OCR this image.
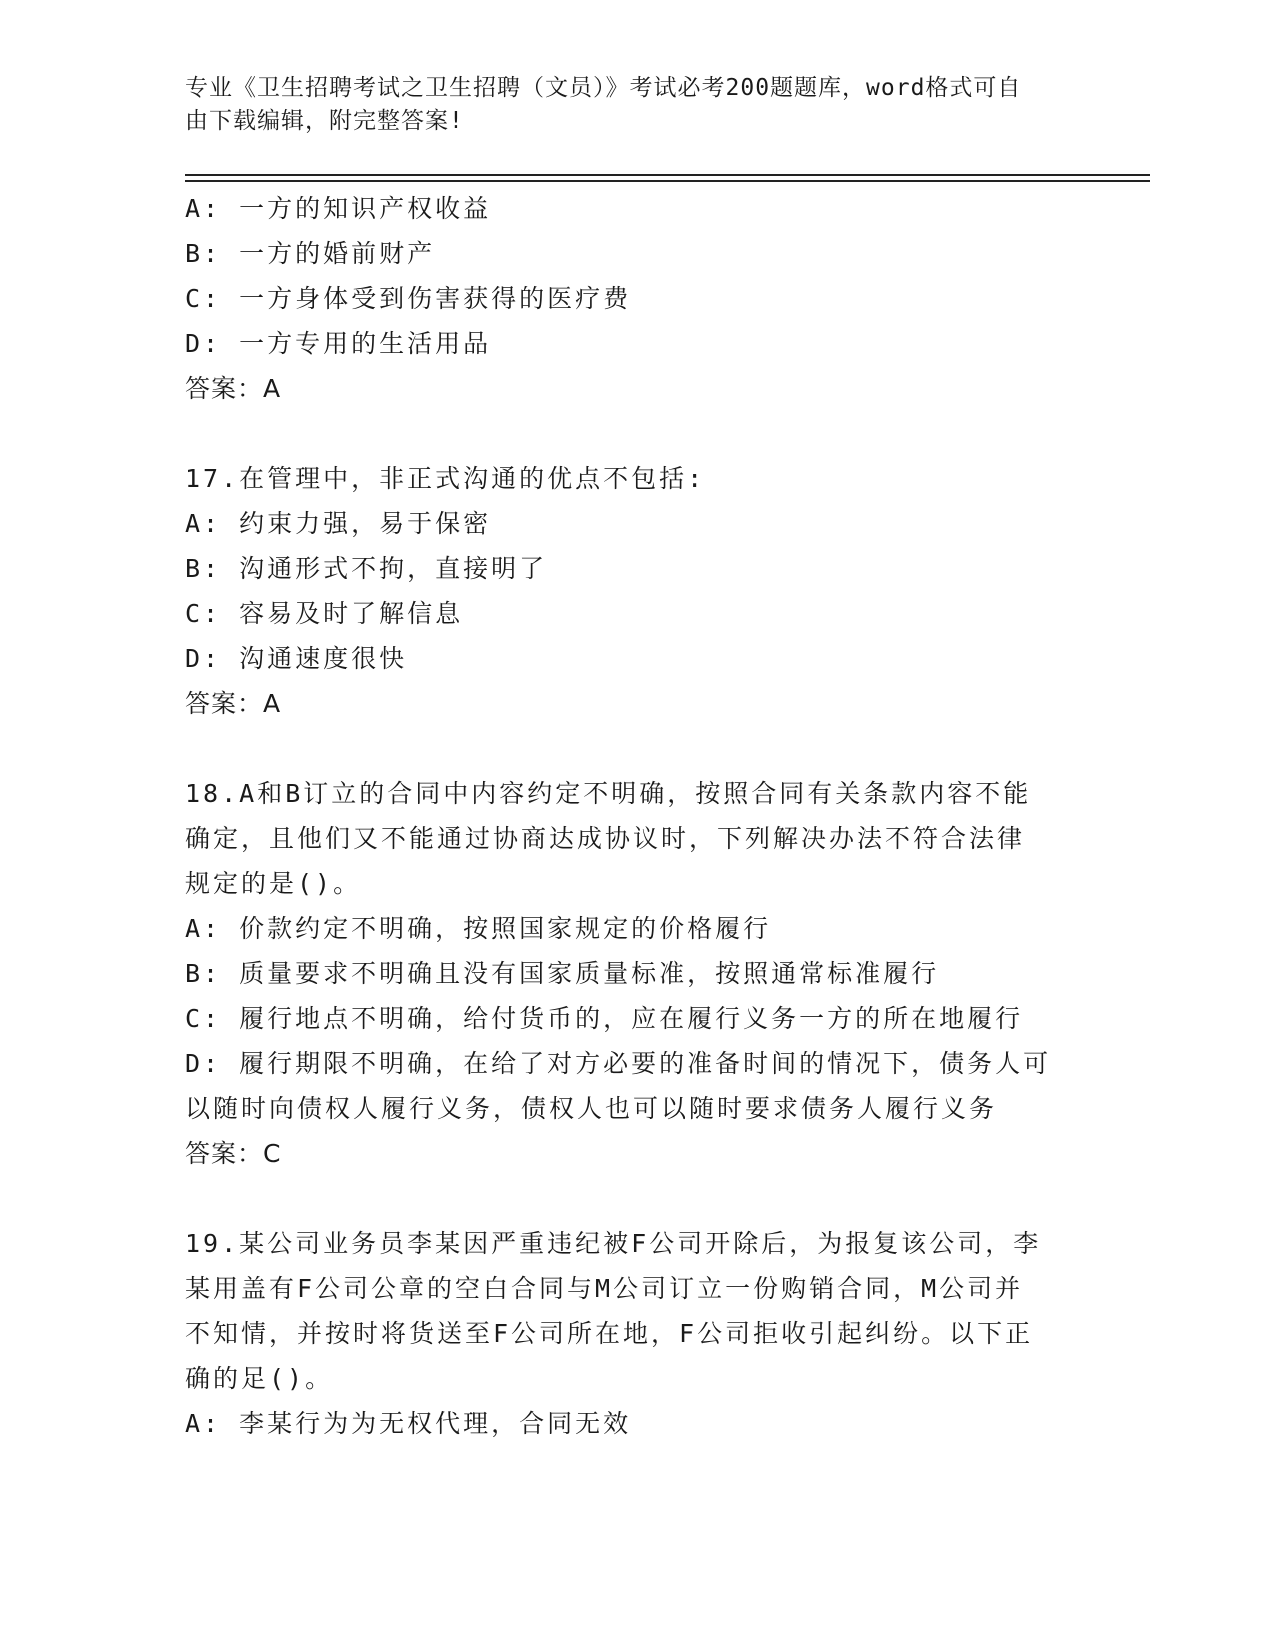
专业《卫生招聘考试之卫生招聘（文员）》考试必考200题题库，word格式可自
由下载编辑，附完整答案!
A: 一方的知识产权收益
B: 一方的婚前财产
C: 一方身体受到伤害获得的医疗费
D: 一方专用的生活用品
答案：A
17.在管理中，非正式沟通的优点不包括:
A: 约束力强，易于保密
B: 沟通形式不拘，直接明了
C: 容易及时了解信息
D: 沟通速度很快
答案：A
18.A和B订立的合同中内容约定不明确，按照合同有关条款内容不能
确定，且他们又不能通过协商达成协议时，下列解决办法不符合法律
规定的是()。
A: 价款约定不明确，按照国家规定的价格履行
B: 质量要求不明确且没有国家质量标准，按照通常标准履行
C: 履行地点不明确，给付货币的，应在履行义务一方的所在地履行
D: 履行期限不明确，在给了对方必要的准备时间的情况下，债务人可
以随时向债权人履行义务，债权人也可以随时要求债务人履行义务
答案：C
19.某公司业务员李某因严重违纪被F公司开除后，为报复该公司，李
某用盖有F公司公章的空白合同与M公司订立一份购销合同，M公司并
不知情，并按时将货送至F公司所在地，F公司拒收引起纠纷。以下正
确的足()。
A: 李某行为为无权代理，合同无效
